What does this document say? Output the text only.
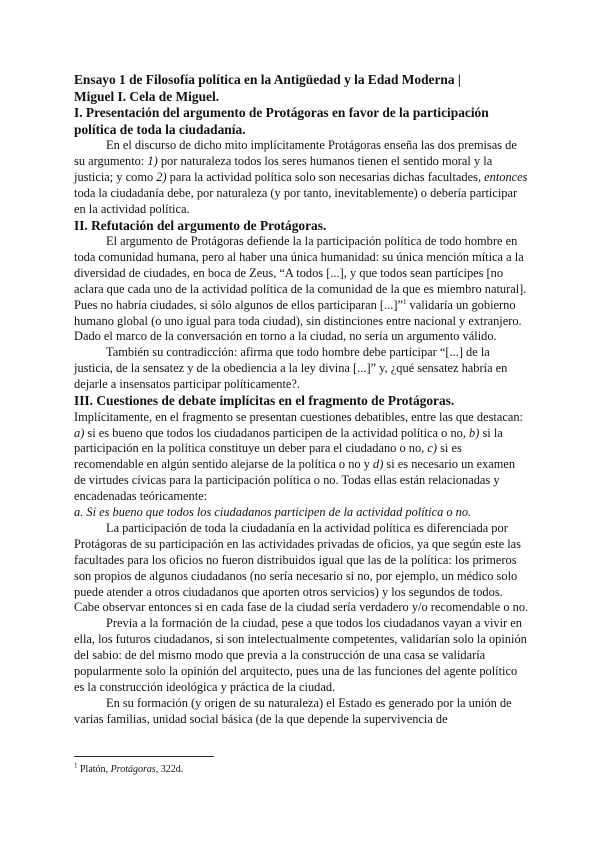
Ensayo 1 de Filosofía política en la Antigüedad y la Edad Moderna |
Miguel I. Cela de Miguel.

I. Presentación del argumento de Protágoras en favor de la participación política de toda la ciudadanía.

En el discurso de dicho mito implícitamente Protágoras enseña las dos premisas de su argumento: 1) por naturaleza todos los seres humanos tienen el sentido moral y la justicia; y como 2) para la actividad política solo son necesarias dichas facultades, entonces toda la ciudadanía debe, por naturaleza (y por tanto, inevitablemente) o debería participar en la actividad política.

II. Refutación del argumento de Protágoras.

El argumento de Protágoras defiende la la participación política de todo hombre en toda comunidad humana, pero al haber una única humanidad: su única mención mítica a la diversidad de ciudades, en boca de Zeus, “A todos [...], y que todos sean partícipes [no aclara que cada uno de la actividad política de la comunidad de la que es miembro natural]. Pues no habría ciudades, si sólo algunos de ellos participaran [...]”$^1$ validaría un gobierno humano global (o uno igual para toda ciudad), sin distinciones entre nacional y extranjero.

Dado el marco de la conversación en torno a la ciudad, no sería un argumento válido.

También su contradicción: afirma que todo hombre debe participar “[...] de la justicia, de la sensatez y de la obediencia a la ley divina [...]” y, ¿qué sensatez habría en dejarle a insensatos participar políticamente?.

III. Cuestiones de debate implícitas en el fragmento de Protágoras.

Implícitamente, en el fragmento se presentan cuestiones debatibles, entre las que destacan: a) si es bueno que todos los ciudadanos participen de la actividad política o no, b) si la participación en la política constituye un deber para el ciudadano o no, c) si es recomendable en algún sentido alejarse de la política o no y d) si es necesario un examen de virtudes cívicas para la participación política o no. Todas ellas están relacionadas y encadenadas teóricamente:

a. Si es bueno que todos los ciudadanos participen de la actividad política o no.

La participación de toda la ciudadanía en la actividad política es diferenciada por Protágoras de su participación en las actividades privadas de oficios, ya que según este las facultades para los oficios no fueron distribuidos igual que las de la política: los primeros son propios de algunos ciudadanos (no sería necesario si no, por ejemplo, un médico solo puede atender a otros ciudadanos que aporten otros servicios) y los segundos de todos. Cabe observar entonces si en cada fase de la ciudad sería verdadero y/o recomendable o no.

Previa a la formación de la ciudad, pese a que todos los ciudadanos vayan a vivir en ella, los futuros ciudadanos, si son intelectualmente competentes, validarían solo la opinión del sabio: de del mismo modo que previa a la construcción de una casa se validaría popularmente solo la opinión del arquitecto, pues una de las funciones del agente político es la construcción ideológica y práctica de la ciudad.

En su formación (y origen de su naturaleza) el Estado es generado por la unión de varias familias, unidad social básica (de la que depende la supervivencia de

$^1$ Platón, Protágoras, 322d.
